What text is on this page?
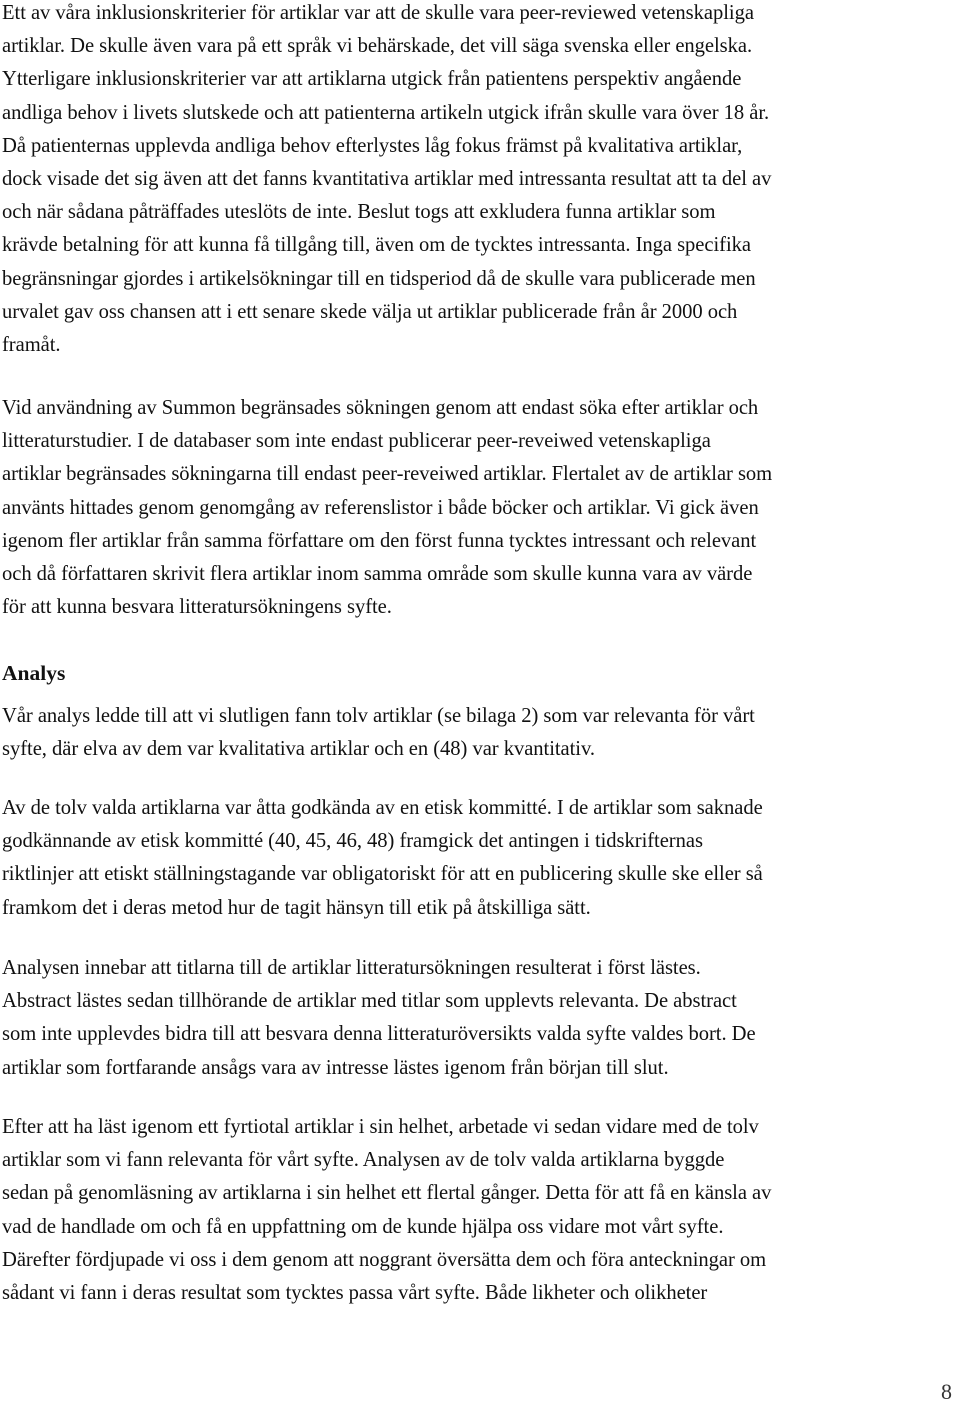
Ett av våra inklusionskriterier för artiklar var att de skulle vara peer-reviewed vetenskapliga
artiklar. De skulle även vara på ett språk vi behärskade, det vill säga svenska eller engelska.
Ytterligare inklusionskriterier var att artiklarna utgick från patientens perspektiv angående
andliga behov i livets slutskede och att patienterna artikeln utgick ifrån skulle vara över 18 år.
Då patienternas upplevda andliga behov efterlystes låg fokus främst på kvalitativa artiklar,
dock visade det sig även att det fanns kvantitativa artiklar med intressanta resultat att ta del av
och när sådana påträffades uteslöts de inte. Beslut togs att exkludera funna artiklar som
krävde betalning för att kunna få tillgång till, även om de tycktes intressanta. Inga specifika
begränsningar gjordes i artikelsökningar till en tidsperiod då de skulle vara publicerade men
urvalet gav oss chansen att i ett senare skede välja ut artiklar publicerade från år 2000 och
framåt.
Vid användning av Summon begränsades sökningen genom att endast söka efter artiklar och
litteraturstudier. I de databaser som inte endast publicerar peer-reveiwed vetenskapliga
artiklar begränsades sökningarna till endast peer-reveiwed artiklar. Flertalet av de artiklar som
använts hittades genom genomgång av referenslistor i både böcker och artiklar. Vi gick även
igenom fler artiklar från samma författare om den först funna tycktes intressant och relevant
och då författaren skrivit flera artiklar inom samma område som skulle kunna vara av värde
för att kunna besvara litteratursökningens syfte.
Analys
Vår analys ledde till att vi slutligen fann tolv artiklar (se bilaga 2) som var relevanta för vårt
syfte, där elva av dem var kvalitativa artiklar och en (48) var kvantitativ.
Av de tolv valda artiklarna var åtta godkända av en etisk kommitté. I de artiklar som saknade
godkännande av etisk kommitté (40, 45, 46, 48) framgick det antingen i tidskrifternas
riktlinjer att etiskt ställningstagande var obligatoriskt för att en publicering skulle ske eller så
framkom det i deras metod hur de tagit hänsyn till etik på åtskilliga sätt.
Analysen innebar att titlarna till de artiklar litteratursökningen resulterat i först lästes.
Abstract lästes sedan tillhörande de artiklar med titlar som upplevts relevanta. De abstract
som inte upplevdes bidra till att besvara denna litteraturöversikts valda syfte valdes bort. De
artiklar som fortfarande ansågs vara av intresse lästes igenom från början till slut.
Efter att ha läst igenom ett fyrtiotal artiklar i sin helhet, arbetade vi sedan vidare med de tolv
artiklar som vi fann relevanta för vårt syfte. Analysen av de tolv valda artiklarna byggde
sedan på genomläsning av artiklarna i sin helhet ett flertal gånger. Detta för att få en känsla av
vad de handlade om och få en uppfattning om de kunde hjälpa oss vidare mot vårt syfte.
Därefter fördjupade vi oss i dem genom att noggrant översätta dem och föra anteckningar om
sådant vi fann i deras resultat som tycktes passa vårt syfte. Både likheter och olikheter
8
